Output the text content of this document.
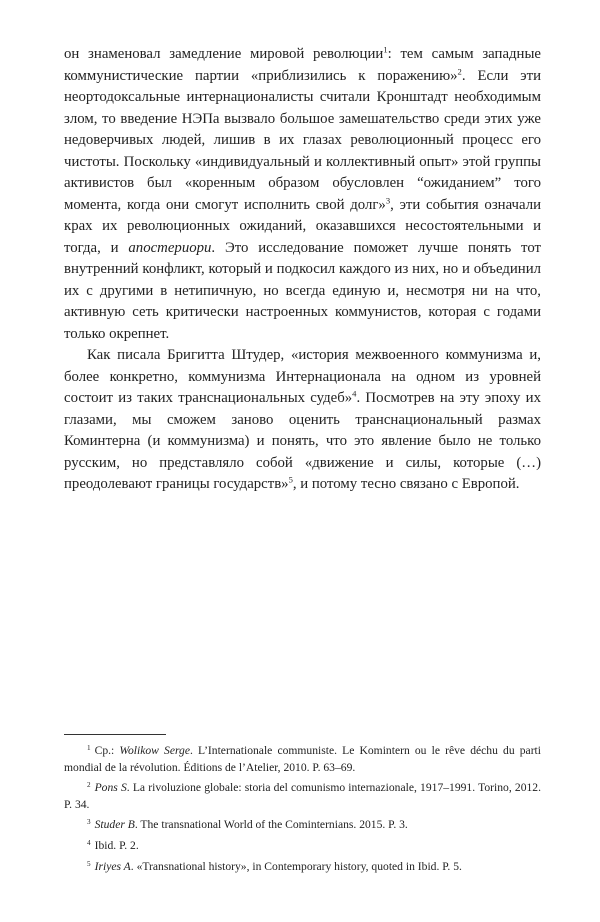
он знаменовал замедление мировой революции$^1$: тем самым западные коммунистические партии «приблизились к поражению»$^2$. Если эти неортодоксальные интернационалисты считали Кронштадт необходимым злом, то введение НЭПа вызвало большое замешательство среди этих уже недоверчивых людей, лишив в их глазах революционный процесс его чистоты. Поскольку «индивидуальный и коллективный опыт» этой группы активистов был «коренным образом обусловлен “ожиданием” того момента, когда они смогут исполнить свой долг»$^3$, эти события означали крах их революционных ожиданий, оказавшихся несостоятельными и тогда, и апостериори. Это исследование поможет лучше понять тот внутренний конфликт, который и подкосил каждого из них, но и объединил их с другими в нетипичную, но всегда единую и, несмотря ни на что, активную сеть критически настроенных коммунистов, которая с годами только окрепнет.

Как писала Бригитта Штудер, «история межвоенного коммунизма и, более конкретно, коммунизма Интернационала на одном из уровней состоит из таких транснациональных судеб»$^4$. Посмотрев на эту эпоху их глазами, мы сможем заново оценить транснациональный размах Коминтерна (и коммунизма) и понять, что это явление было не только русским, но представляло собой «движение и силы, которые (…) преодолевают границы государств»$^5$, и потому тесно связано с Европой.

$^1$ Ср.: Wolikow Serge. L’Internationale communiste. Le Komintern ou le rêve déchu du parti mondial de la révolution. Éditions de l’Atelier, 2010. P. 63–69.

$^2$ Pons S. La rivoluzione globale: storia del comunismo internazionale, 1917–1991. Torino, 2012. P. 34.

$^3$ Studer B. The transnational World of the Cominternians. 2015. P. 3.

$^4$ Ibid. P. 2.

$^5$ Iriyes A. «Transnational history», in Contemporary history, quoted in Ibid. P. 5.
